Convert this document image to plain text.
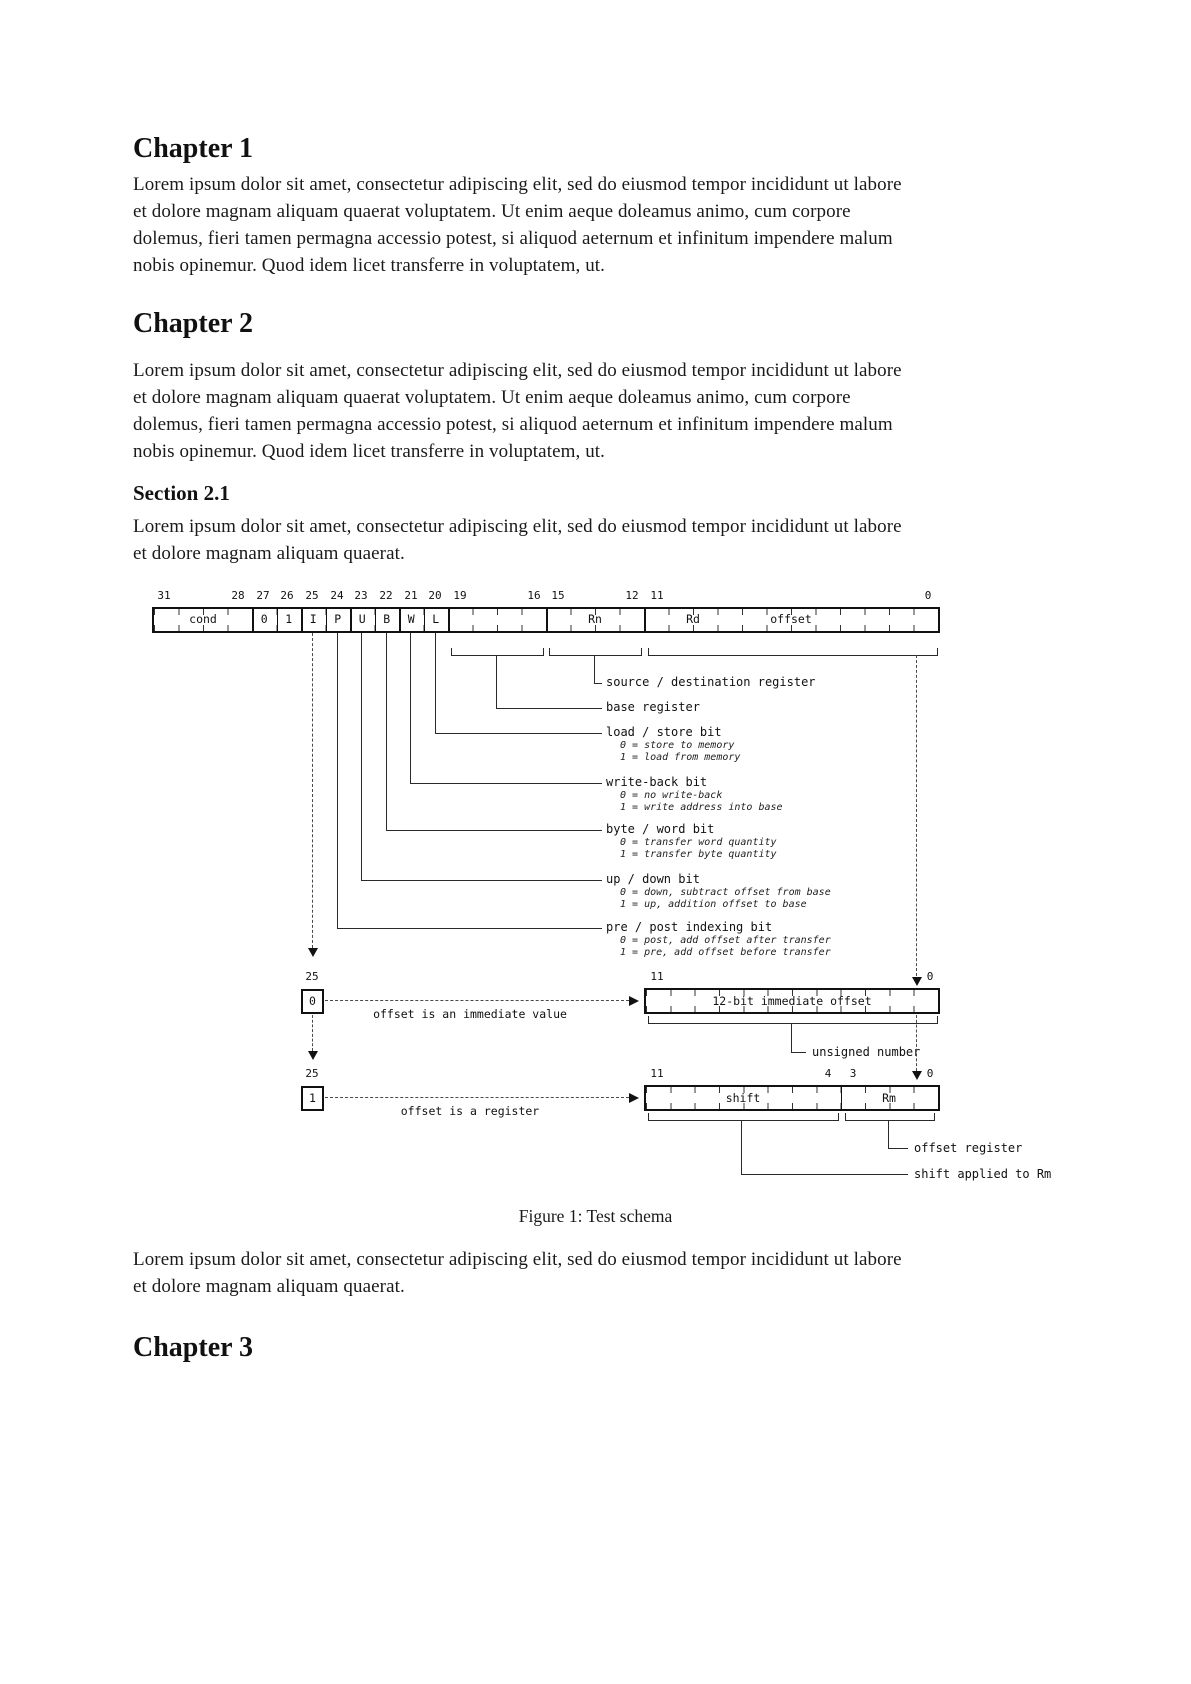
Chapter 1
Lorem ipsum dolor sit amet, consectetur adipiscing elit, sed do eiusmod tempor incididunt ut labore
et dolore magnam aliquam quaerat voluptatem. Ut enim aeque doleamus animo, cum corpore
dolemus, fieri tamen permagna accessio potest, si aliquod aeternum et infinitum impendere malum
nobis opinemur. Quod idem licet transferre in voluptatem, ut.
Chapter 2
Lorem ipsum dolor sit amet, consectetur adipiscing elit, sed do eiusmod tempor incididunt ut labore
et dolore magnam aliquam quaerat voluptatem. Ut enim aeque doleamus animo, cum corpore
dolemus, fieri tamen permagna accessio potest, si aliquod aeternum et infinitum impendere malum
nobis opinemur. Quod idem licet transferre in voluptatem, ut.
Section 2.1
Lorem ipsum dolor sit amet, consectetur adipiscing elit, sed do eiusmod tempor incididunt ut labore
et dolore magnam aliquam quaerat.
31	28 27 26 25 24 23 22 21 20 19	16 15	12 11	0
cond	0 1 I P U B W L	Rn	Rd	offset
source / destination register
base register
load / store bit
0 = store to memory
1 = load from memory
write-back bit
0 = no write-back
1 = write address into base
byte / word bit
0 = transfer word quantity
1 = transfer byte quantity
up / down bit
0 = down, subtract offset from base
1 = up, addition offset to base
pre / post indexing bit
0 = post, add offset after transfer
1 = pre, add offset before transfer
25
0
offset is an immediate value
11	0
12-bit immediate offset
unsigned number
25
1
offset is a register
11	4 3	0
shift	Rm
offset register
shift applied to Rm
Figure 1: Test schema
Lorem ipsum dolor sit amet, consectetur adipiscing elit, sed do eiusmod tempor incididunt ut labore
et dolore magnam aliquam quaerat.
Chapter 3
